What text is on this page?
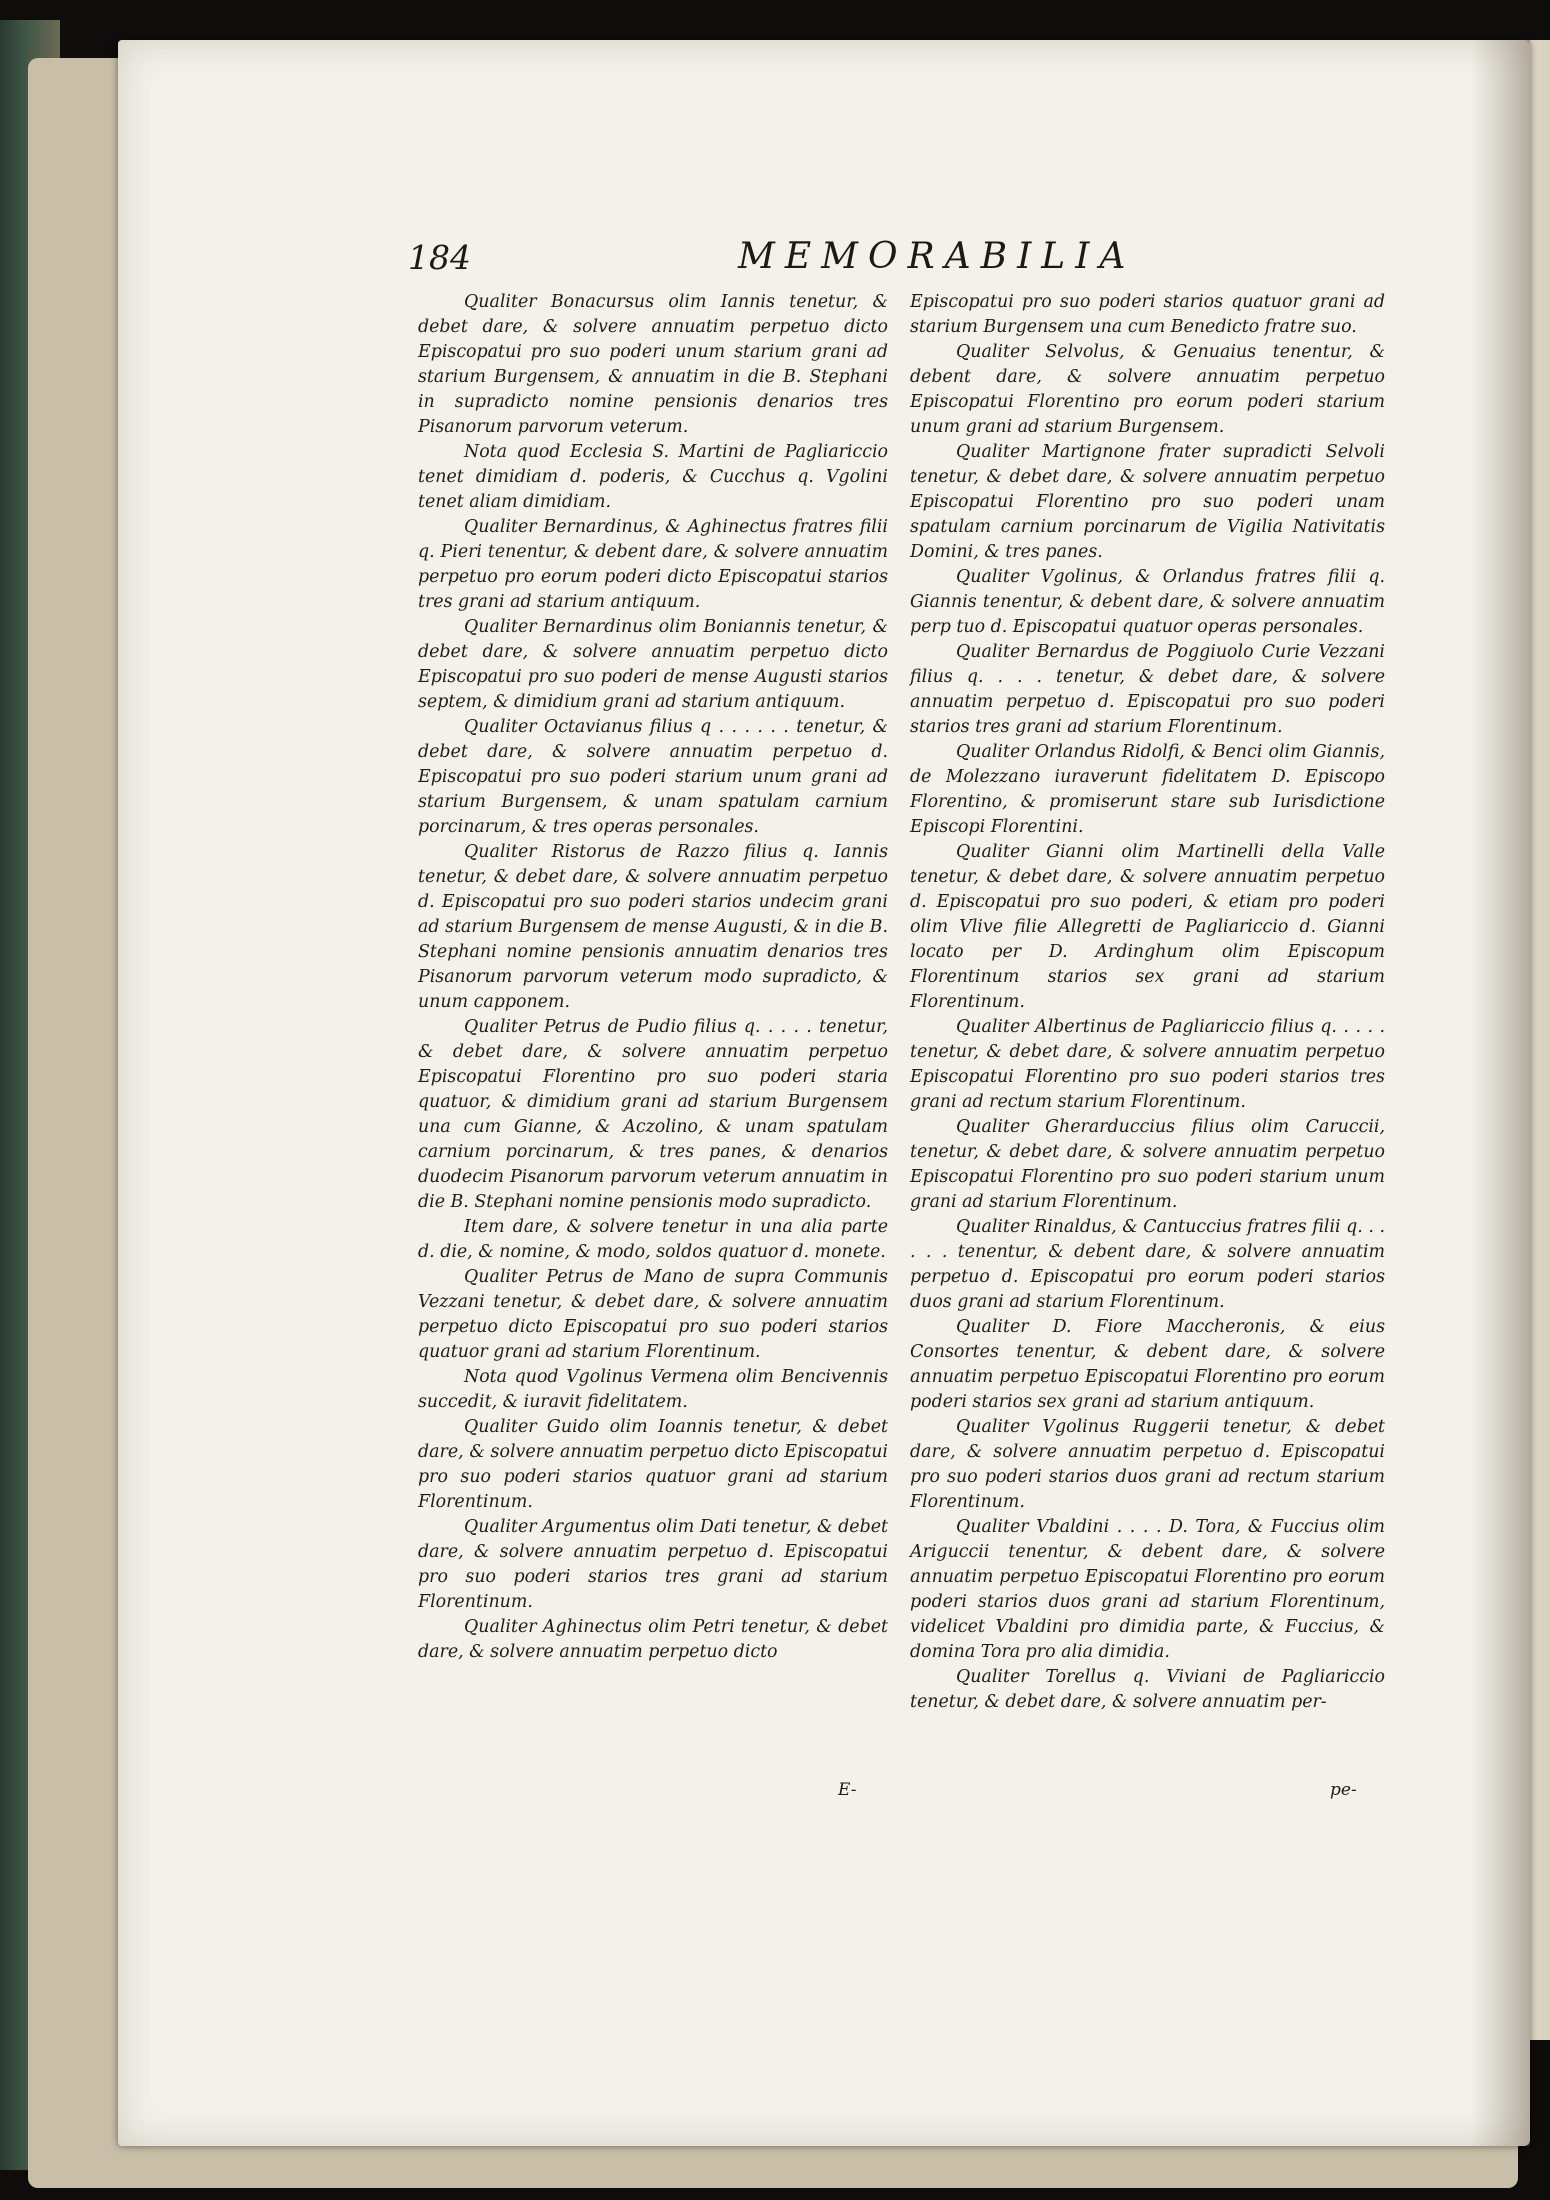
184	MEMORABILIA

Qualiter Bonacursus olim Iannis tenetur, & debet dare, & solvere annuatim perpetuo dicto Episcopatui pro suo poderi unum starium grani ad starium Burgensem, & annuatim in die B. Stephani in supradicto nomine pensionis denarios tres Pisanorum parvorum veterum.

Nota quod Ecclesia S. Martini de Pagliariccio tenet dimidiam d. poderis, & Cucchus q. Vgolini tenet aliam dimidiam.

Qualiter Bernardinus, & Aghinectus fratres filii q. Pieri tenentur, & debent dare, & solvere annuatim perpetuo pro eorum poderi dicto Episcopatui starios tres grani ad starium antiquum.

Qualiter Bernardinus olim Boniannis tenetur, & debet dare, & solvere annuatim perpetuo dicto Episcopatui pro suo poderi de mense Augusti starios septem, & dimidium grani ad starium antiquum.

Qualiter Octavianus filius q . . . . . . tenetur, & debet dare, & solvere annuatim perpetuo d. Episcopatui pro suo poderi starium unum grani ad starium Burgensem, & unam spatulam carnium porcinarum, & tres operas personales.

Qualiter Ristorus de Razzo filius q. Iannis tenetur, & debet dare, & solvere annuatim perpetuo d. Episcopatui pro suo poderi starios undecim grani ad starium Burgensem de mense Augusti, & in die B. Stephani nomine pensionis annuatim denarios tres Pisanorum parvorum veterum modo supradicto, & unum capponem.

Qualiter Petrus de Pudio filius q. . . . . tenetur, & debet dare, & solvere annuatim perpetuo Episcopatui Florentino pro suo poderi staria quatuor, & dimidium grani ad starium Burgensem una cum Gianne, & Aczolino, & unam spatulam carnium porcinarum, & tres panes, & denarios duodecim Pisanorum parvorum veterum annuatim in die B. Stephani nomine pensionis modo supradicto.

Item dare, & solvere tenetur in una alia parte d. die, & nomine, & modo, soldos quatuor d. monete.

Qualiter Petrus de Mano de supra Communis Vezzani tenetur, & debet dare, & solvere annuatim perpetuo dicto Episcopatui pro suo poderi starios quatuor grani ad starium Florentinum.

Nota quod Vgolinus Vermena olim Bencivennis succedit, & iuravit fidelitatem.

Qualiter Guido olim Ioannis tenetur, & debet dare, & solvere annuatim perpetuo dicto Episcopatui pro suo poderi starios quatuor grani ad starium Florentinum.

Qualiter Argumentus olim Dati tenetur, & debet dare, & solvere annuatim perpetuo d. Episcopatui pro suo poderi starios tres grani ad starium Florentinum.

Qualiter Aghinectus olim Petri tenetur, & debet dare, & solvere annuatim perpetuo dicto

Episcopatui pro suo poderi starios quatuor grani ad starium Burgensem una cum Benedicto fratre suo.

Qualiter Selvolus, & Genuaius tenentur, & debent dare, & solvere annuatim perpetuo Episcopatui Florentino pro eorum poderi starium unum grani ad starium Burgensem.

Qualiter Martignone frater supradicti Selvoli tenetur, & debet dare, & solvere annuatim perpetuo Episcopatui Florentino pro suo poderi unam spatulam carnium porcinarum de Vigilia Nativitatis Domini, & tres panes.

Qualiter Vgolinus, & Orlandus fratres filii q. Giannis tenentur, & debent dare, & solvere annuatim perp tuo d. Episcopatui quatuor operas personales.

Qualiter Bernardus de Poggiuolo Curie Vezzani filius q. . . . tenetur, & debet dare, & solvere annuatim perpetuo d. Episcopatui pro suo poderi starios tres grani ad starium Florentinum.

Qualiter Orlandus Ridolfi, & Benci olim Giannis, de Molezzano iuraverunt fidelitatem D. Episcopo Florentino, & promiserunt stare sub Iurisdictione Episcopi Florentini.

Qualiter Gianni olim Martinelli della Valle tenetur, & debet dare, & solvere annuatim perpetuo d. Episcopatui pro suo poderi, & etiam pro poderi olim Vlive filie Allegretti de Pagliariccio d. Gianni locato per D. Ardinghum olim Episcopum Florentinum starios sex grani ad starium Florentinum.

Qualiter Albertinus de Pagliariccio filius q. . . . . tenetur, & debet dare, & solvere annuatim perpetuo Episcopatui Florentino pro suo poderi starios tres grani ad rectum starium Florentinum.

Qualiter Gherarduccius filius olim Caruccii, tenetur, & debet dare, & solvere annuatim perpetuo Episcopatui Florentino pro suo poderi starium unum grani ad starium Florentinum.

Qualiter Rinaldus, & Cantuccius fratres filii q. . . . . . tenentur, & debent dare, & solvere annuatim perpetuo d. Episcopatui pro eorum poderi starios duos grani ad starium Florentinum.

Qualiter D. Fiore Maccheronis, & eius Consortes tenentur, & debent dare, & solvere annuatim perpetuo Episcopatui Florentino pro eorum poderi starios sex grani ad starium antiquum.

Qualiter Vgolinus Ruggerii tenetur, & debet dare, & solvere annuatim perpetuo d. Episcopatui pro suo poderi starios duos grani ad rectum starium Florentinum.

Qualiter Vbaldini . . . . D. Tora, & Fuccius olim Ariguccii tenentur, & debent dare, & solvere annuatim perpetuo Episcopatui Florentino pro eorum poderi starios duos grani ad starium Florentinum, videlicet Vbaldini pro dimidia parte, & Fuccius, & domina Tora pro alia dimidia.

Qualiter Torellus q. Viviani de Pagliariccio tenetur, & debet dare, & solvere annuatim per-

E-	pe-
